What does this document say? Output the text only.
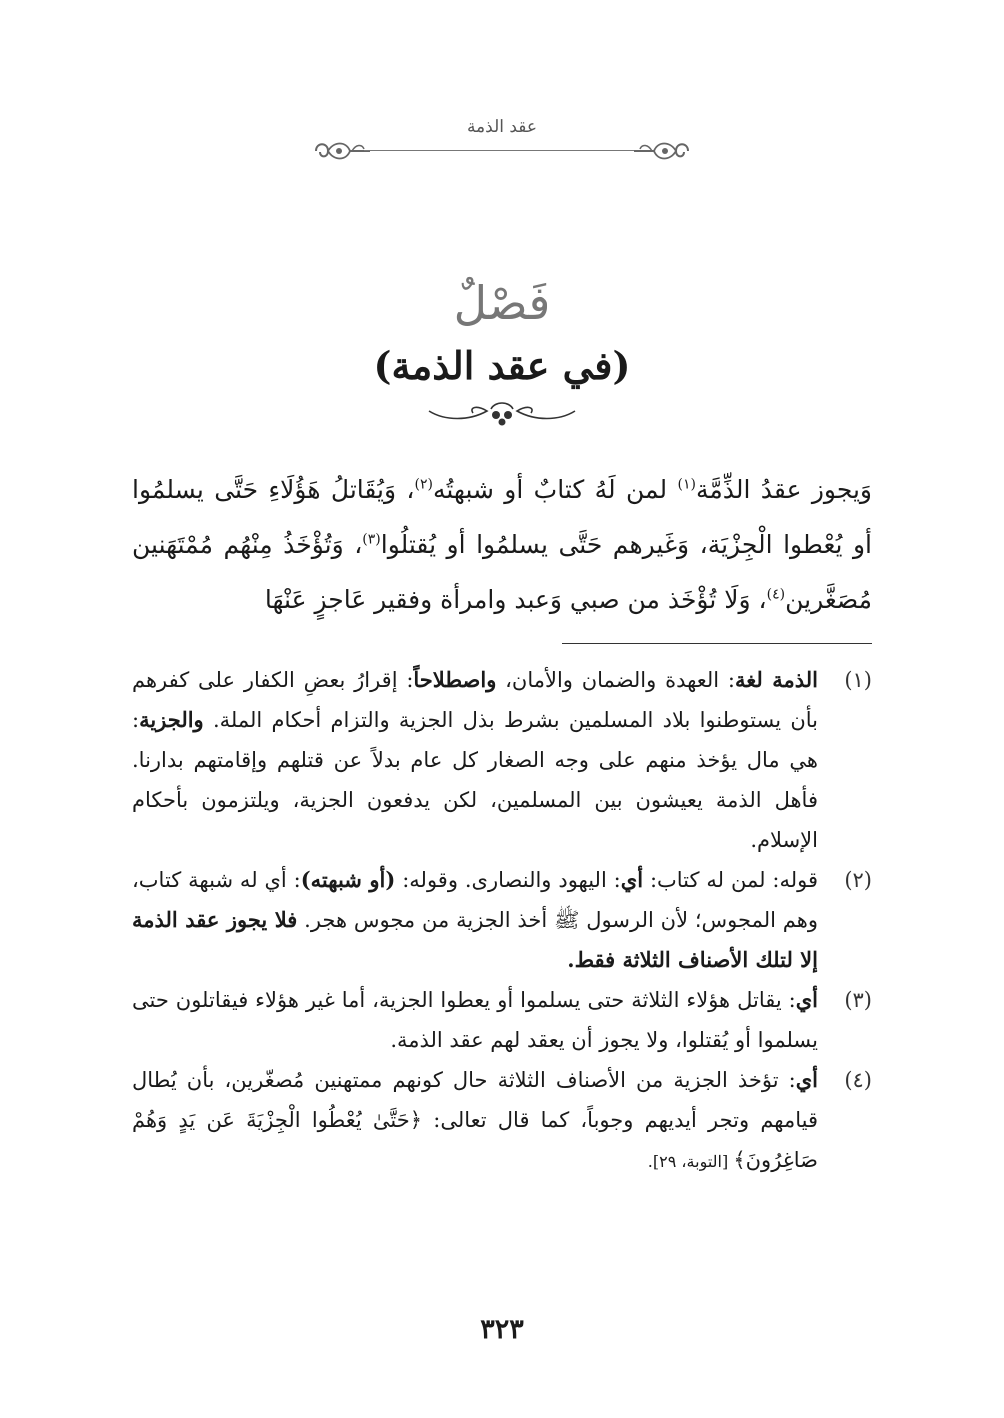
عقد الذمة
فَصْلٌ
(في عقد الذمة)
وَيجوز عقدُ الذِّمَّة$^{(١)}$ لمن لَهُ كتابٌ أو شبهتُه$^{(٢)}$، وَيُقَاتلُ هَؤُلَاءِ حَتَّى يسلمُوا أو يُعْطوا الْجِزْيَة، وَغَيرهم حَتَّى يسلمُوا أو يُقتلُوا$^{(٣)}$، وَتُؤْخَذُ مِنْهُم مُمْتَهَنين مُصَغَّرين$^{(٤)}$، وَلَا تُؤْخَذ من صبي وَعبد وامرأة وفقير عَاجزٍ عَنْهَا
(١)
الذمة لغة: العهدة والضمان والأمان، واصطلاحاً: إقرارُ بعضِ الكفار على كفرهم بأن يستوطنوا بلاد المسلمين بشرط بذل الجزية والتزام أحكام الملة. والجزية: هي مال يؤخذ منهم على وجه الصغار كل عام بدلاً عن قتلهم وإقامتهم بدارنا. فأهل الذمة يعيشون بين المسلمين، لكن يدفعون الجزية، ويلتزمون بأحكام الإسلام.
(٢)
قوله: لمن له كتاب: أي: اليهود والنصارى. وقوله: (أو شبهته): أي له شبهة كتاب، وهم المجوس؛ لأن الرسول ﷺ أخذ الجزية من مجوس هجر. فلا يجوز عقد الذمة إلا لتلك الأصناف الثلاثة فقط.
(٣)
أي: يقاتل هؤلاء الثلاثة حتى يسلموا أو يعطوا الجزية، أما غير هؤلاء فيقاتلون حتى يسلموا أو يُقتلوا، ولا يجوز أن يعقد لهم عقد الذمة.
(٤)
أي: تؤخذ الجزية من الأصناف الثلاثة حال كونهم ممتهنين مُصغّرين، بأن يُطال قيامهم وتجر أيديهم وجوباً، كما قال تعالى: ﴿حَتَّىٰ يُعْطُوا الْجِزْيَةَ عَن يَدٍ وَهُمْ صَاغِرُونَ﴾ [التوبة، ٢٩].
٣٢٣
